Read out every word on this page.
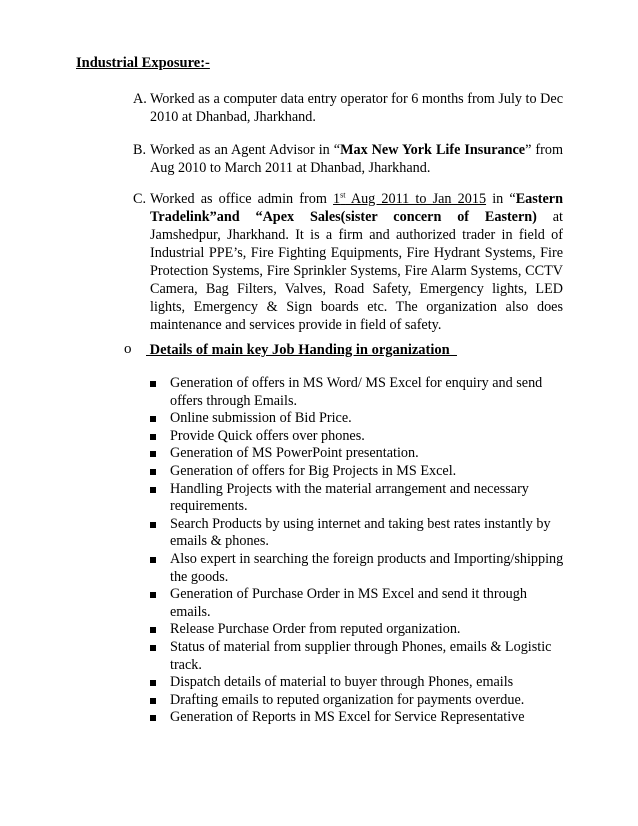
Industrial Exposure:-
A. Worked as a computer data entry operator for 6 months from July to Dec 2010 at Dhanbad, Jharkhand.
B. Worked as an Agent Advisor in “Max New York Life Insurance” from Aug 2010 to March 2011 at Dhanbad, Jharkhand.
C. Worked as office admin from 1st Aug 2011 to Jan 2015 in “Eastern Tradelink”and “Apex Sales(sister concern of Eastern) at Jamshedpur, Jharkhand. It is a firm and authorized trader in field of Industrial PPE’s, Fire Fighting Equipments, Fire Hydrant Systems, Fire Protection Systems, Fire Sprinkler Systems, Fire Alarm Systems, CCTV Camera, Bag Filters, Valves, Road Safety, Emergency lights, LED lights, Emergency & Sign boards etc. The organization also does maintenance and services provide in field of safety.
o Details of main key Job Handing in organization
Generation of offers in MS Word/ MS Excel for enquiry and send offers through Emails.
Online submission of Bid Price.
Provide Quick offers over phones.
Generation of MS PowerPoint presentation.
Generation of offers for Big Projects in MS Excel.
Handling Projects with the material arrangement and necessary requirements.
Search Products by using internet and taking best rates instantly by emails & phones.
Also expert in searching the foreign products and Importing/shipping the goods.
Generation of Purchase Order in MS Excel and send it through emails.
Release Purchase Order from reputed organization.
Status of material from supplier through Phones, emails & Logistic track.
Dispatch details of material to buyer through Phones, emails
Drafting emails to reputed organization for payments overdue.
Generation of Reports in MS Excel for Service Representative
